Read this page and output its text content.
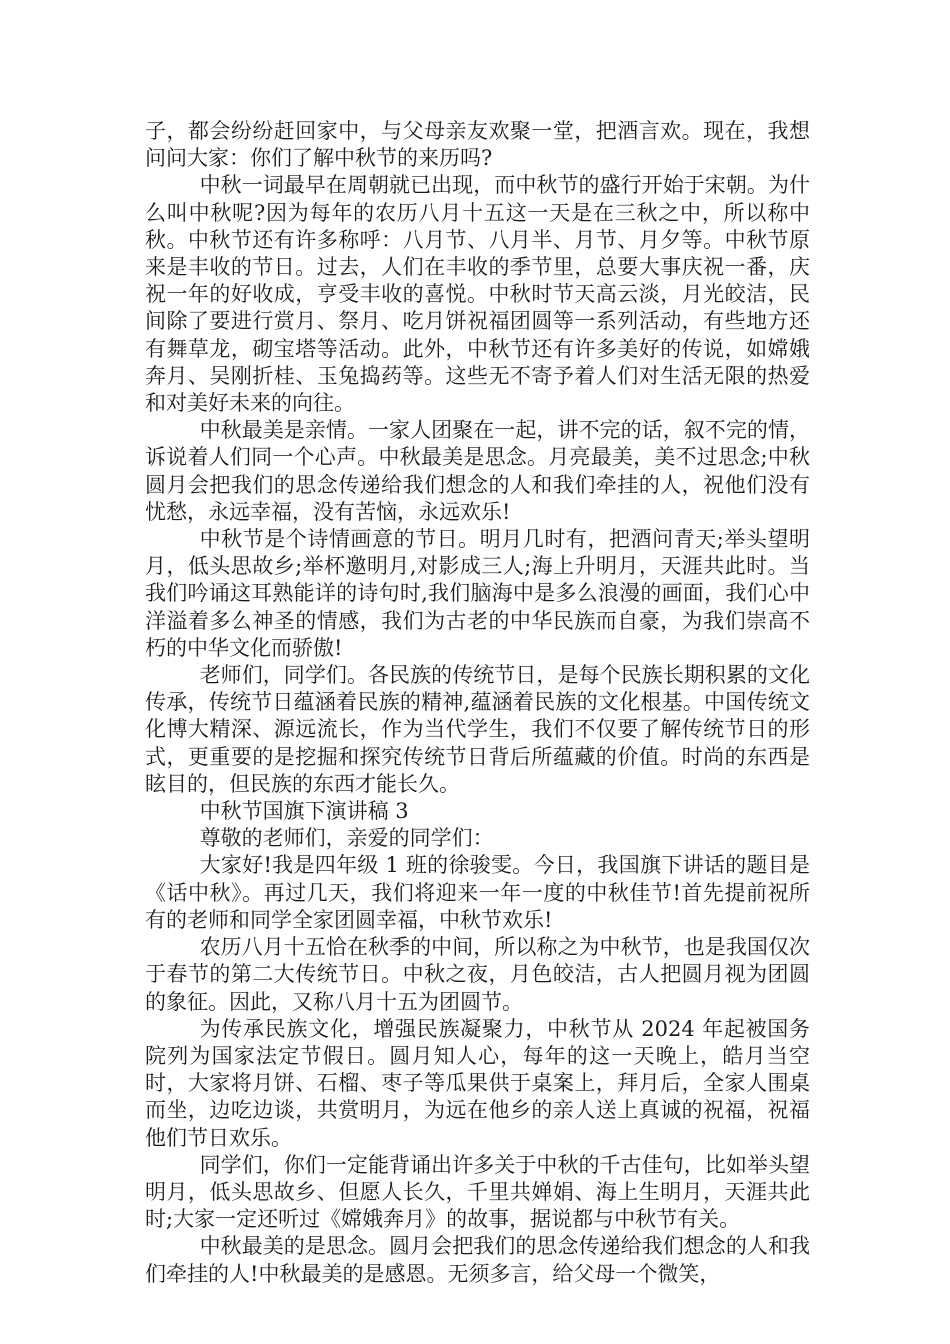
子，都会纷纷赶回家中，与父母亲友欢聚一堂，把酒言欢。现在，我想问问大家：你们了解中秋节的来历吗?

中秋一词最早在周朝就已出现，而中秋节的盛行开始于宋朝。为什么叫中秋呢?因为每年的农历八月十五这一天是在三秋之中，所以称中秋。中秋节还有许多称呼：八月节、八月半、月节、月夕等。中秋节原来是丰收的节日。过去，人们在丰收的季节里，总要大事庆祝一番，庆祝一年的好收成，亨受丰收的喜悦。中秋时节天高云淡，月光皎洁，民间除了要进行赏月、祭月、吃月饼祝福团圆等一系列活动，有些地方还有舞草龙，砌宝塔等活动。此外，中秋节还有许多美好的传说，如嫦娥奔月、吴刚折桂、玉兔捣药等。这些无不寄予着人们对生活无限的热爱和对美好未来的向往。

中秋最美是亲情。一家人团聚在一起，讲不完的话，叙不完的情，诉说着人们同一个心声。中秋最美是思念。月亮最美，美不过思念;中秋圆月会把我们的思念传递给我们想念的人和我们牵挂的人，祝他们没有忧愁，永远幸福，没有苦恼，永远欢乐!

中秋节是个诗情画意的节日。明月几时有，把酒问青天;举头望明月，低头思故乡;举杯邀明月,对影成三人;海上升明月，天涯共此时。当我们吟诵这耳熟能详的诗句时,我们脑海中是多么浪漫的画面，我们心中洋溢着多么神圣的情感，我们为古老的中华民族而自豪，为我们崇高不朽的中华文化而骄傲!

老师们，同学们。各民族的传统节日，是每个民族长期积累的文化传承，传统节日蕴涵着民族的精神,蕴涵着民族的文化根基。中国传统文化博大精深、源远流长，作为当代学生，我们不仅要了解传统节日的形式，更重要的是挖掘和探究传统节日背后所蕴藏的价值。时尚的东西是眩目的，但民族的东西才能长久。

中秋节国旗下演讲稿 3

尊敬的老师们，亲爱的同学们：

大家好!我是四年级 1 班的徐骏雯。今日，我国旗下讲话的题目是《话中秋》。再过几天，我们将迎来一年一度的中秋佳节!首先提前祝所有的老师和同学全家团圆幸福，中秋节欢乐!

农历八月十五恰在秋季的中间，所以称之为中秋节，也是我国仅次于春节的第二大传统节日。中秋之夜，月色皎洁，古人把圆月视为团圆的象征。因此，又称八月十五为团圆节。

为传承民族文化，增强民族凝聚力，中秋节从 2024 年起被国务院列为国家法定节假日。圆月知人心，每年的这一天晚上，皓月当空时，大家将月饼、石榴、枣子等瓜果供于桌案上，拜月后，全家人围桌而坐，边吃边谈，共赏明月，为远在他乡的亲人送上真诚的祝福，祝福他们节日欢乐。

同学们，你们一定能背诵出许多关于中秋的千古佳句，比如举头望明月，低头思故乡、但愿人长久，千里共婵娟、海上生明月，天涯共此时;大家一定还听过《嫦娥奔月》的故事，据说都与中秋节有关。

中秋最美的是思念。圆月会把我们的思念传递给我们想念的人和我们牵挂的人!中秋最美的是感恩。无须多言，给父母一个微笑，
